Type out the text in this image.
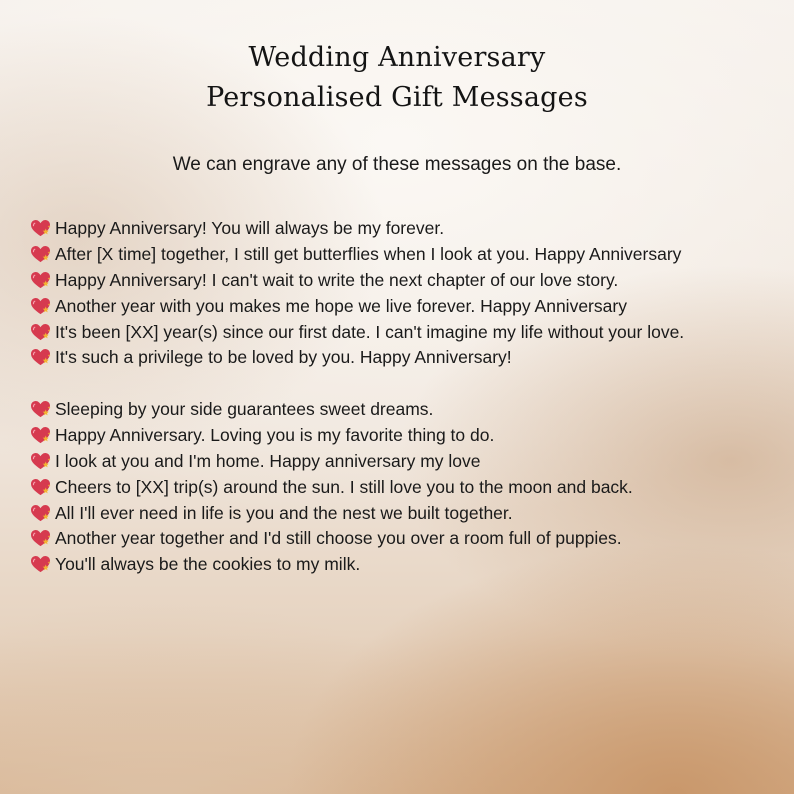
Wedding Anniversary
Personalised Gift Messages
We can engrave any of these messages on the base.
Happy Anniversary! You will always be my forever.
After [X time] together, I still get butterflies when I look at you. Happy Anniversary
Happy Anniversary! I can't wait to write the next chapter of our love story.
Another year with you makes me hope we live forever. Happy Anniversary
It's been [XX] year(s) since our first date. I can't imagine my life without your love.
It's such a privilege to be loved by you. Happy Anniversary!
Sleeping by your side guarantees sweet dreams.
Happy Anniversary. Loving you is my favorite thing to do.
I look at you and I'm home. Happy anniversary my love
Cheers to [XX] trip(s) around the sun. I still love you to the moon and back.
All I'll ever need in life is you and the nest we built together.
Another year together and I'd still choose you over a room full of puppies.
You'll always be the cookies to my milk.
